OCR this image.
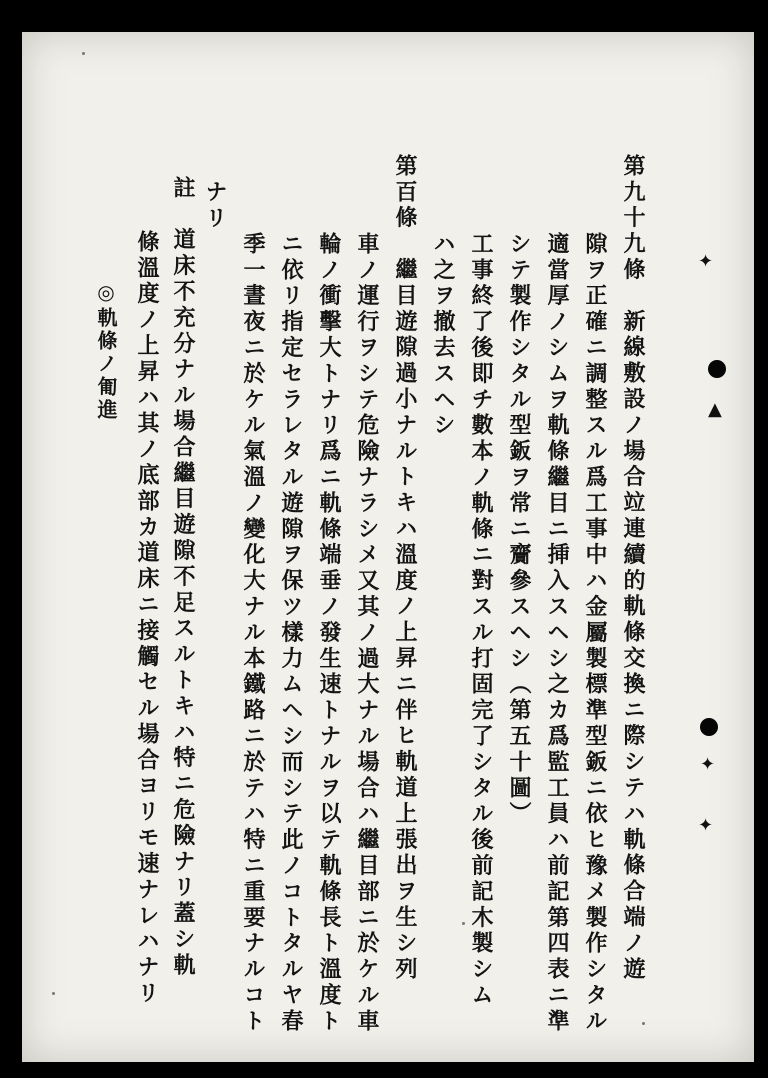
第九十九條　新線敷設ノ場合竝連續的軌條交換ニ際シテハ軌條合端ノ遊
隙ヲ正確ニ調整スル爲工事中ハ金屬製標準型鈑ニ依ヒ豫メ製作シタル
適當厚ノシムヲ軌條繼目ニ挿入スヘシ之カ爲監工員ハ前記第四表ニ準
シテ製作シタル型鈑ヲ常ニ齎參スヘシ（第五十圖）
工事終了後即チ數本ノ軌條ニ對スル打固完了シタル後前記木製シム
ハ之ヲ撤去スヘシ
第百條　繼目遊隙過小ナルトキハ溫度ノ上昇ニ伴ヒ軌道上張出ヲ生シ列
車ノ運行ヲシテ危險ナラシメ又其ノ過大ナル場合ハ繼目部ニ於ケル車
輪ノ衝擊大トナリ爲ニ軌條端垂ノ發生速トナルヲ以テ軌條長ト溫度ト
ニ依リ指定セラレタル遊隙ヲ保ツ樣力ムヘシ而シテ此ノコトタルヤ春
季一晝夜ニ於ケル氣溫ノ變化大ナル本鐵路ニ於テハ特ニ重要ナルコト
ナリ
註　道床不充分ナル場合繼目遊隙不足スルトキハ特ニ危險ナリ蓋シ軌
條溫度ノ上昇ハ其ノ底部カ道床ニ接觸セル場合ヨリモ速ナレハナリ
◎軌條ノ匍進
✦
▲
✦
✦
